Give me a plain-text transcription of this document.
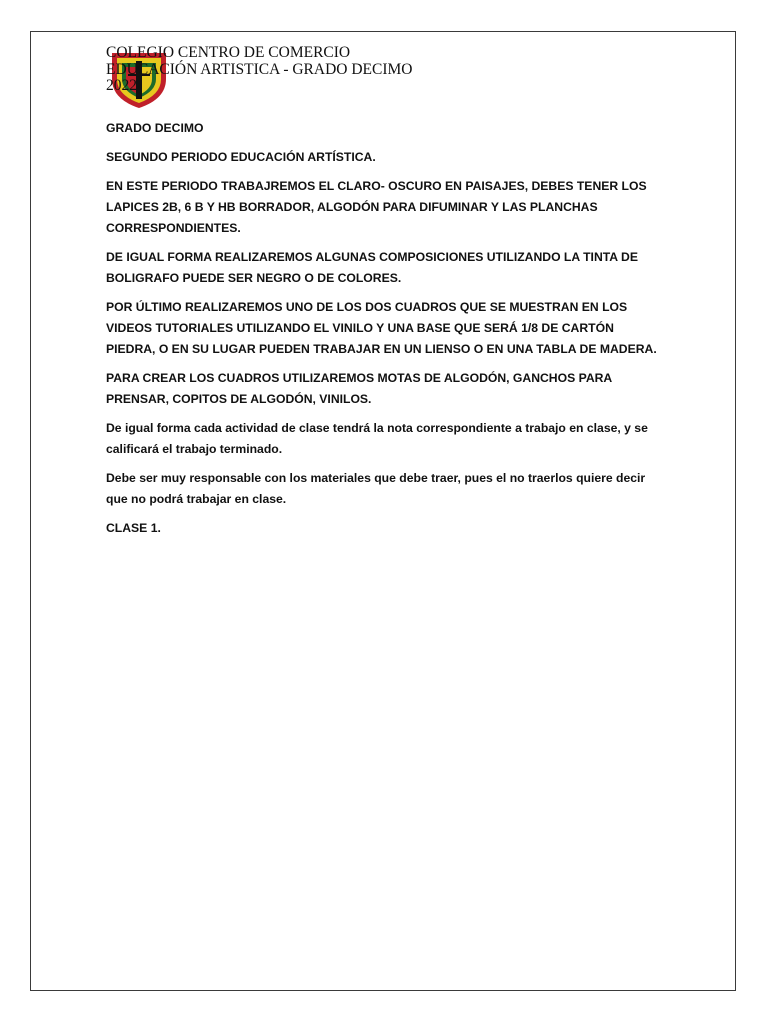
COLEGIO CENTRO DE COMERCIO
EDUCACIÓN ARTISTICA - GRADO DECIMO
2022

GRADO DECIMO

SEGUNDO PERIODO EDUCACIÓN ARTÍSTICA.

EN ESTE PERIODO TRABAJREMOS EL CLARO- OSCURO EN PAISAJES, DEBES TENER LOS LAPICES 2B, 6 B Y HB BORRADOR, ALGODÓN PARA DIFUMINAR Y LAS PLANCHAS CORRESPONDIENTES.

DE IGUAL FORMA REALIZAREMOS ALGUNAS COMPOSICIONES UTILIZANDO LA TINTA DE BOLIGRAFO PUEDE SER NEGRO O DE COLORES.

POR ÚLTIMO REALIZAREMOS UNO DE LOS DOS CUADROS QUE SE MUESTRAN EN LOS VIDEOS TUTORIALES UTILIZANDO EL VINILO Y UNA BASE QUE SERÁ 1/8 DE CARTÓN PIEDRA, O EN SU LUGAR PUEDEN TRABAJAR EN UN LIENSO O EN UNA TABLA DE MADERA.

PARA CREAR LOS CUADROS UTILIZAREMOS MOTAS DE ALGODÓN, GANCHOS PARA PRENSAR, COPITOS DE ALGODÓN, VINILOS.

De igual forma cada actividad de clase tendrá la nota correspondiente a trabajo en clase, y se calificará el trabajo terminado.

Debe ser muy responsable con los materiales que debe traer, pues el no traerlos quiere decir que no podrá trabajar en clase.

CLASE 1.
